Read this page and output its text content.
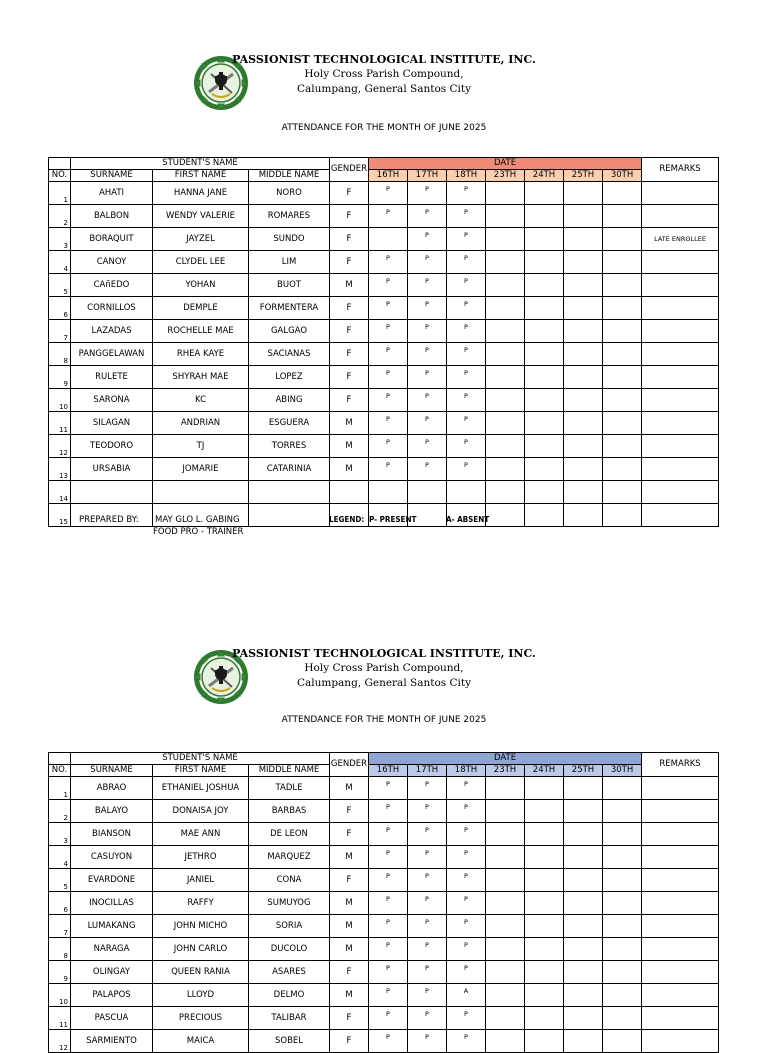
PASSIONIST TECHNOLOGICAL INSTITUTE, INC.
Holy Cross Parish Compound,
Calumpang, General Santos City
ATTENDANCE FOR THE MONTH OF JUNE 2025
	STUDENT'S NAME			GENDER	DATE							REMARKS
NO.	SURNAME	FIRST NAME	MIDDLE NAME		16TH	17TH	18TH	23TH	24TH	25TH	30TH	
1	AHATI	HANNA JANE	NORO	F	P	P	P					
2	BALBON	WENDY VALERIE	ROMARES	F	P	P	P					
3	BORAQUIT	JAYZEL	SUNDO	F		P	P					LATE ENROLLEE
4	CANOY	CLYDEL LEE	LIM	F	P	P	P					
5	CAñEDO	YOHAN	BUOT	M	P	P	P					
6	CORNILLOS	DEMPLE	FORMENTERA	F	P	P	P					
7	LAZADAS	ROCHELLE MAE	GALGAO	F	P	P	P					
8	PANGGELAWAN	RHEA KAYE	SACIANAS	F	P	P	P					
9	RULETE	SHYRAH MAE	LOPEZ	F	P	P	P					
10	SARONA	KC	ABING	F	P	P	P					
11	SILAGAN	ANDRIAN	ESGUERA	M	P	P	P					
12	TEODORO	TJ	TORRES	M	P	P	P					
13	URSABIA	JOMARIE	CATARINIA	M	P	P	P					
14												
15												PREPARED BY: MAY GLO L. GABING
FOOD PRO - TRAINER
LEGEND: P- PRESENT	A- ABSENT
PASSIONIST TECHNOLOGICAL INSTITUTE, INC.
Holy Cross Parish Compound,
Calumpang, General Santos City
ATTENDANCE FOR THE MONTH OF JUNE 2025
	STUDENT'S NAME			GENDER	DATE							REMARKS
NO.	SURNAME	FIRST NAME	MIDDLE NAME		16TH	17TH	18TH	23TH	24TH	25TH	30TH	
1	ABRAO	ETHANIEL JOSHUA	TADLE	M	P	P	P					
2	BALAYO	DONAISA JOY	BARBAS	F	P	P	P					
3	BIANSON	MAE ANN	DE LEON	F	P	P	P					
4	CASUYON	JETHRO	MARQUEZ	M	P	P	P					
5	EVARDONE	JANIEL	CONA	F	P	P	P					
6	INOCILLAS	RAFFY	SUMUYOG	M	P	P	P					
7	LUMAKANG	JOHN MICHO	SORIA	M	P	P	P					
8	NARAGA	JOHN CARLO	DUCOLO	M	P	P	P					
9	OLINGAY	QUEEN RANIA	ASARES	F	P	P	P					
10	PALAPOS	LLOYD	DELMO	M	P	P	A					
11	PASCUA	PRECIOUS	TALIBAR	F	P	P	P					
12	SARMIENTO	MAICA	SOBEL	F	P	P	P					
